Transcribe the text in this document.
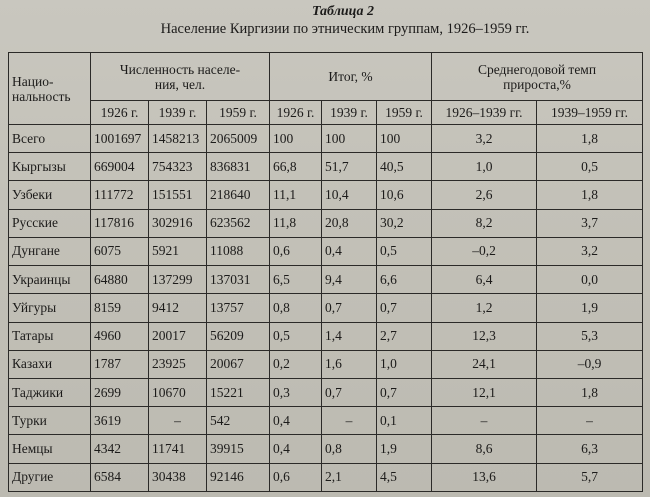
Таблица 2
Население Киргизии по этническим группам, 1926–1959 гг.
Нацио-
нальность	Численность населе-
ния, чел.			Итог, %			Среднегодовой темп
прироста,%	
	1926 г.	1939 г.	1959 г.	1926 г.	1939 г.	1959 г.	1926–1939 гг.	1939–1959 гг.
Всего	1001697	1458213	2065009	100	100	100	3,2	1,8
Кыргызы	669004	754323	836831	66,8	51,7	40,5	1,0	0,5
Узбеки	111772	151551	218640	11,1	10,4	10,6	2,6	1,8
Русские	117816	302916	623562	11,8	20,8	30,2	8,2	3,7
Дунгане	6075	5921	11088	0,6	0,4	0,5	–0,2	3,2
Украинцы	64880	137299	137031	6,5	9,4	6,6	6,4	0,0
Уйгуры	8159	9412	13757	0,8	0,7	0,7	1,2	1,9
Татары	4960	20017	56209	0,5	1,4	2,7	12,3	5,3
Казахи	1787	23925	20067	0,2	1,6	1,0	24,1	–0,9
Таджики	2699	10670	15221	0,3	0,7	0,7	12,1	1,8
Турки	3619	–	542	0,4	–	0,1	–	–
Немцы	4342	11741	39915	0,4	0,8	1,9	8,6	6,3
Другие	6584	30438	92146	0,6	2,1	4,5	13,6	5,7
